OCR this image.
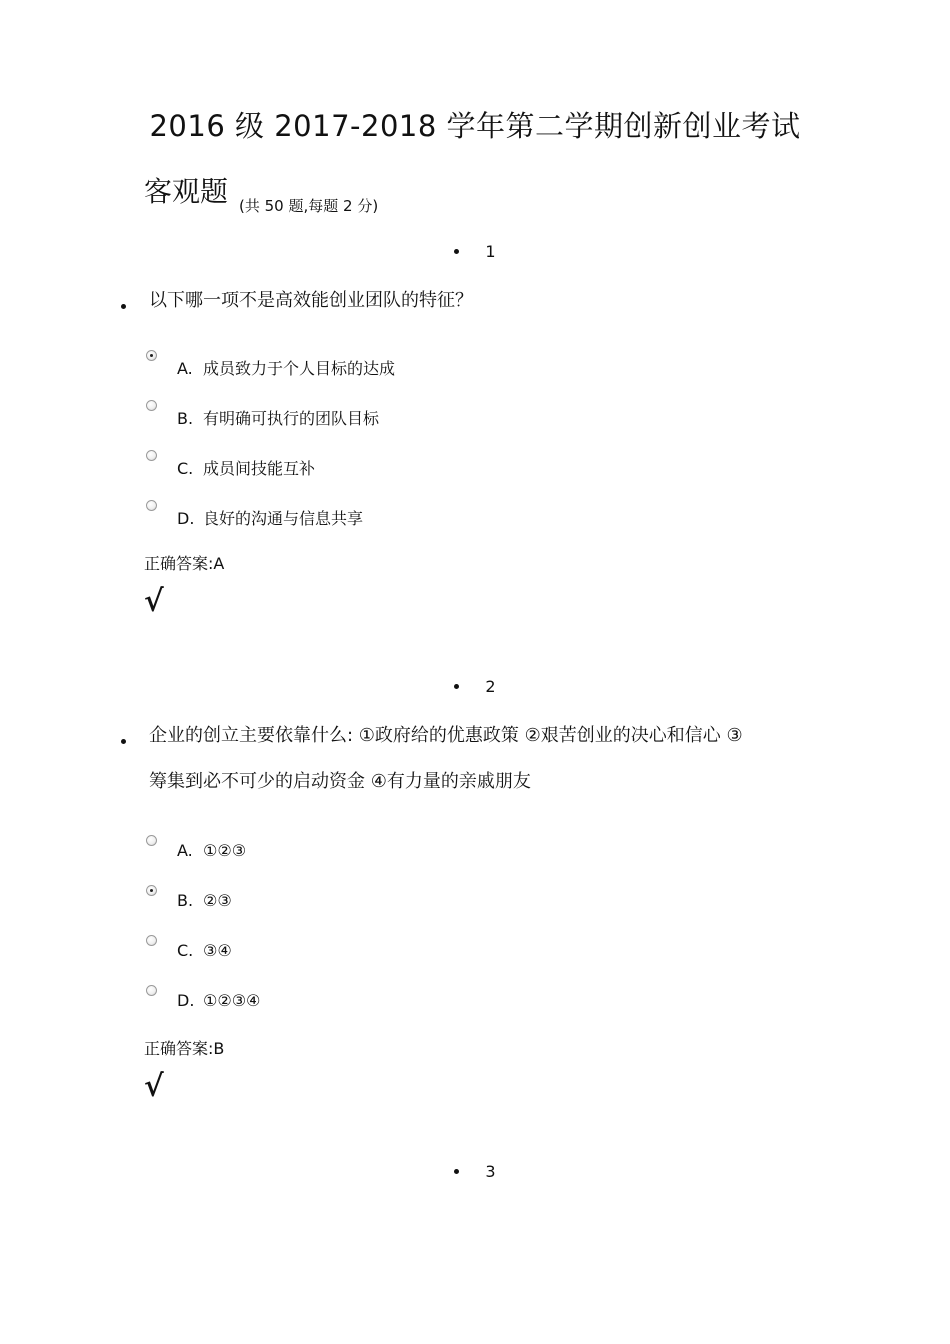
2016 级 2017-2018 学年第二学期创新创业考试
客观题 (共 50 题,每题 2 分)
1
以下哪一项不是高效能创业团队的特征？
A. 成员致力于个人目标的达成
B. 有明确可执行的团队目标
C. 成员间技能互补
D. 良好的沟通与信息共享
正确答案:A
√
2
企业的创立主要依靠什么: ①政府给的优惠政策 ②艰苦创业的决心和信心 ③
筹集到必不可少的启动资金 ④有力量的亲戚朋友
A. ①②③
B. ②③
C. ③④
D. ①②③④
正确答案:B
√
3
